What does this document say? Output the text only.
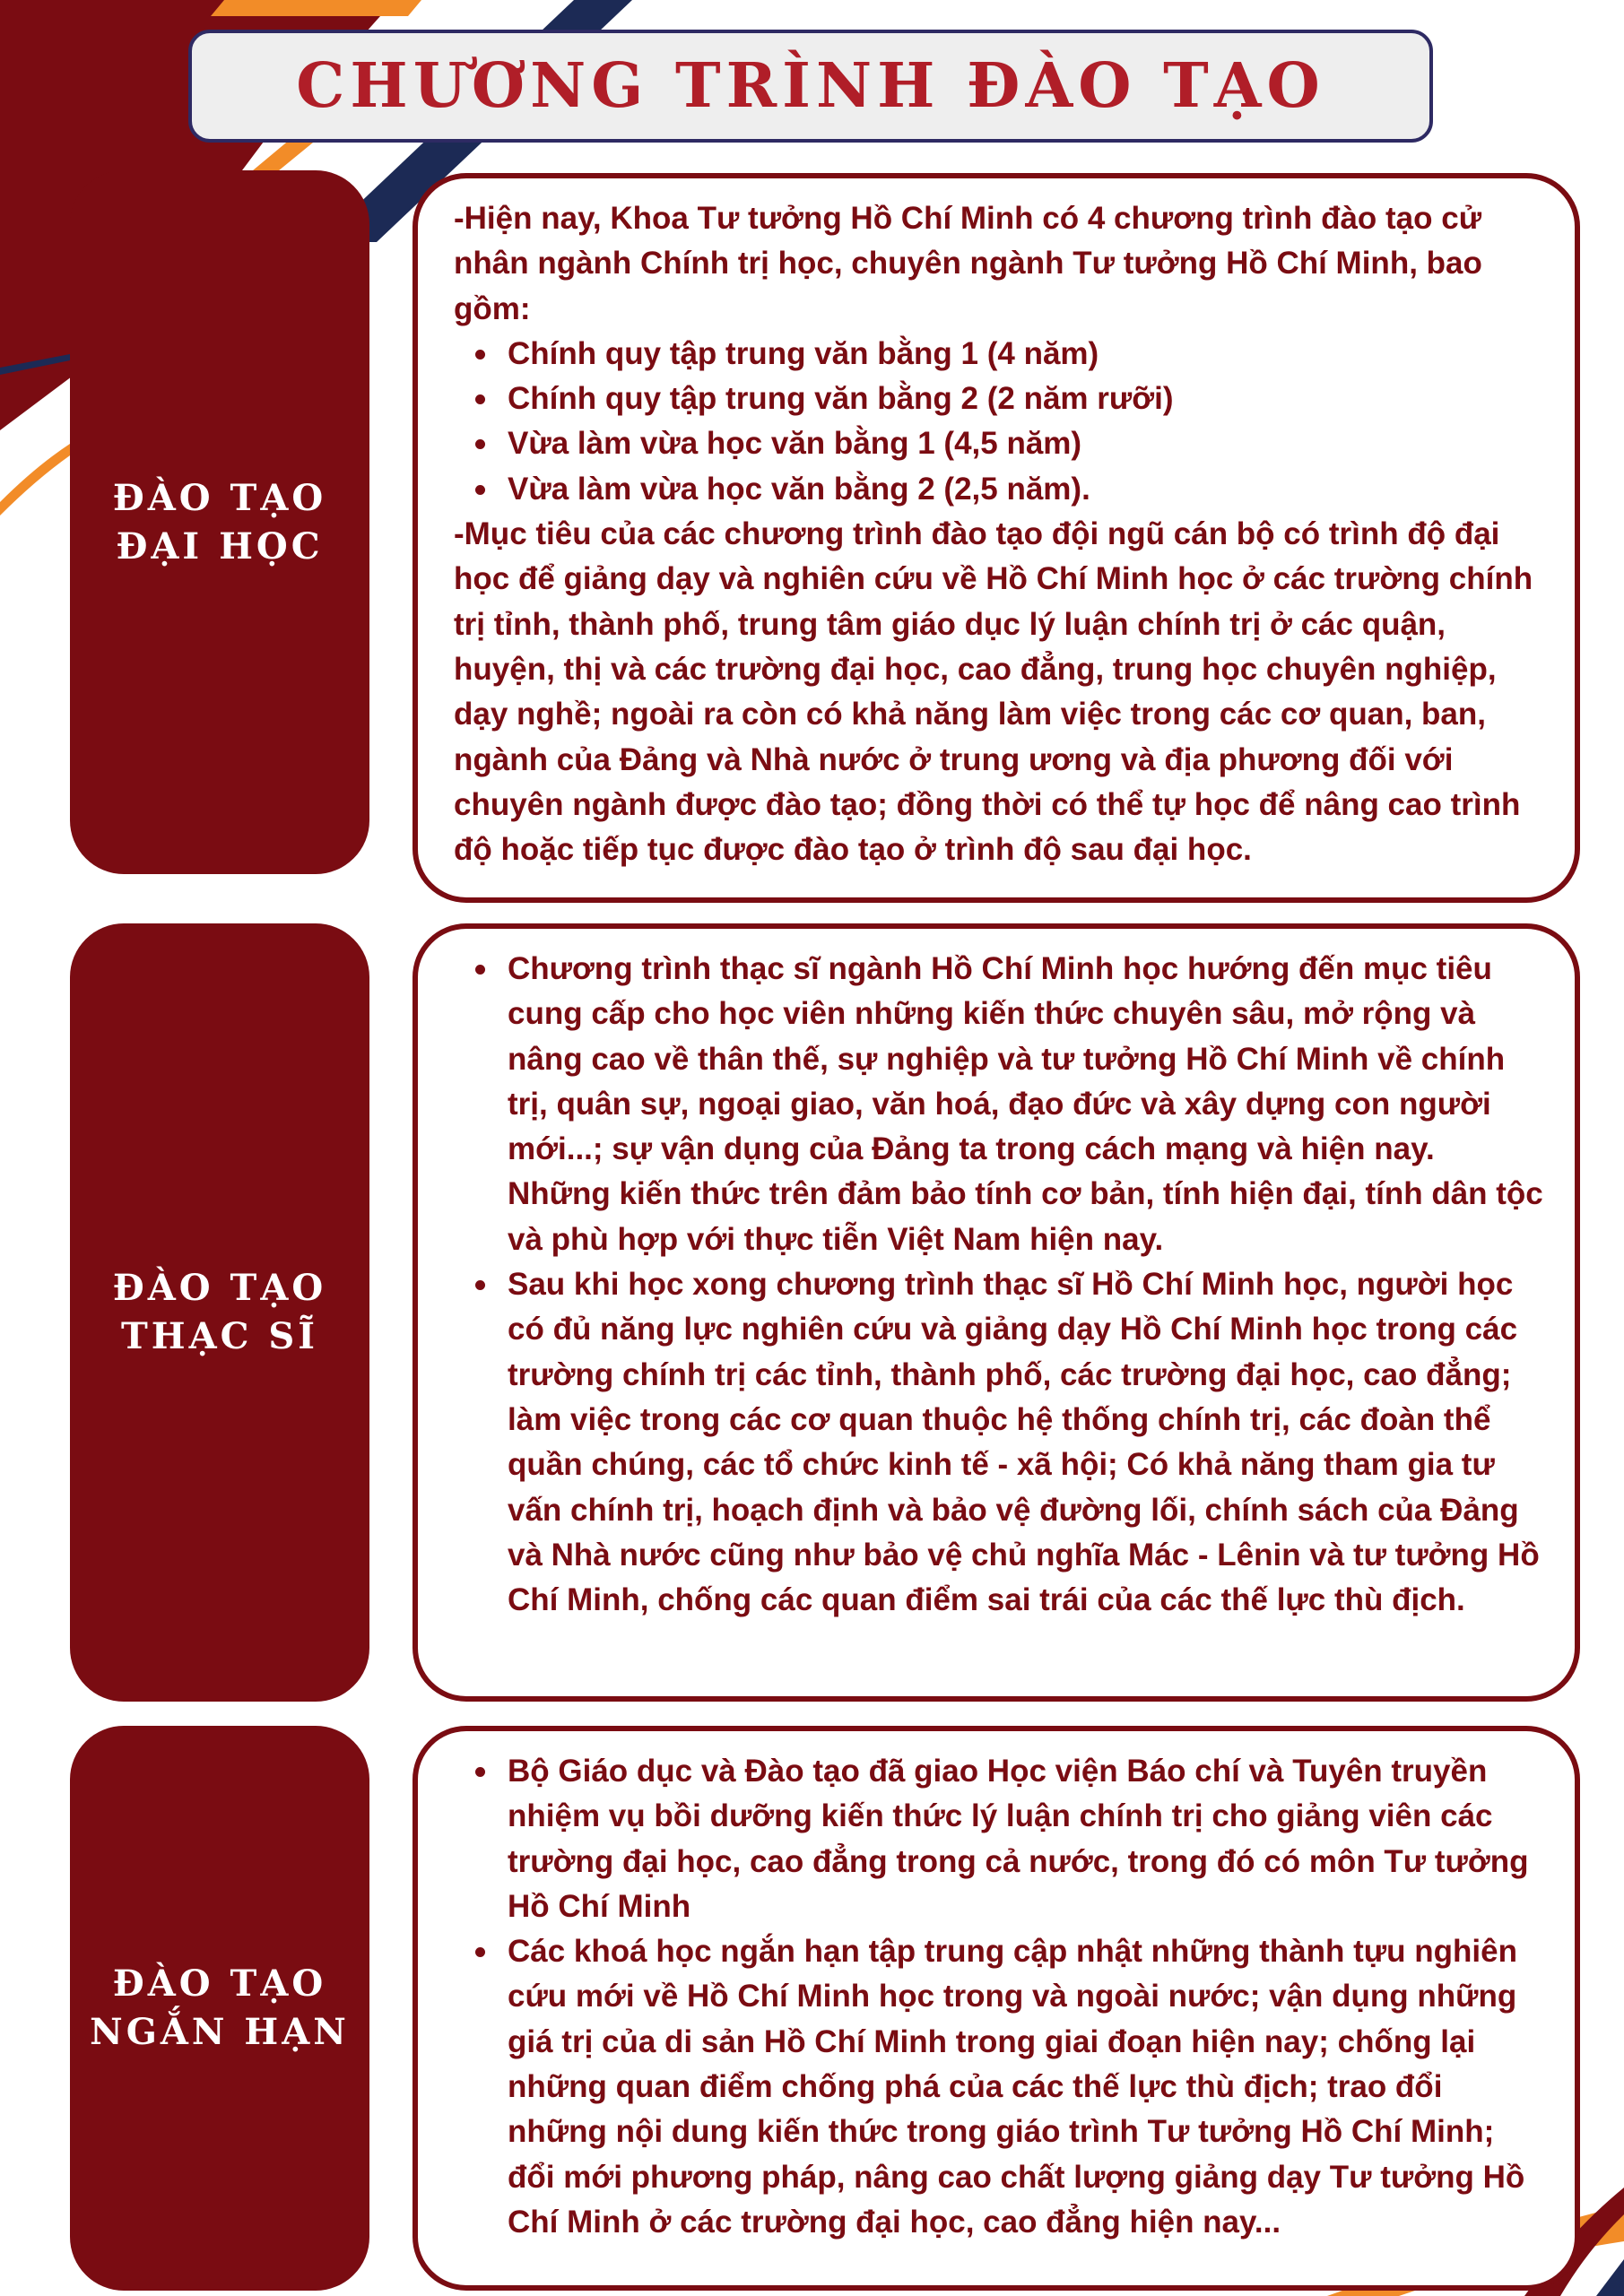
CHƯƠNG TRÌNH ĐÀO TẠO
ĐÀO TẠO
ĐẠI HỌC

-Hiện nay, Khoa Tư tưởng Hồ Chí Minh có 4 chương trình đào tạo cử nhân ngành Chính trị học, chuyên ngành Tư tưởng Hồ Chí Minh, bao gồm:

Chính quy tập trung văn bằng 1 (4 năm)
Chính quy tập trung văn bằng 2 (2 năm rưỡi)
Vừa làm vừa học văn bằng 1 (4,5 năm)
Vừa làm vừa học văn bằng 2 (2,5 năm).

-Mục tiêu của các chương trình đào tạo đội ngũ cán bộ có trình độ đại học để giảng dạy và nghiên cứu về Hồ Chí Minh học ở các trường chính trị tỉnh, thành phố, trung tâm giáo dục lý luận chính trị ở các quận, huyện, thị và các trường đại học, cao đẳng, trung học chuyên nghiệp, dạy nghề; ngoài ra còn có khả năng làm việc trong các cơ quan, ban, ngành của Đảng và Nhà nước ở trung ương và địa phương đối với chuyên ngành được đào tạo; đồng thời có thể tự học để nâng cao trình độ hoặc tiếp tục được đào tạo ở trình độ sau đại học.

ĐÀO TẠO
THẠC SĨ
Chương trình thạc sĩ ngành Hồ Chí Minh học hướng đến mục tiêu cung cấp cho học viên những kiến thức chuyên sâu, mở rộng và nâng cao về thân thế, sự nghiệp và tư tưởng Hồ Chí Minh về chính trị, quân sự, ngoại giao, văn hoá, đạo đức và xây dựng con người mới...; sự vận dụng của Đảng ta trong cách mạng và hiện nay. Những kiến thức trên đảm bảo tính cơ bản, tính hiện đại, tính dân tộc và phù hợp với thực tiễn Việt Nam hiện nay.
Sau khi học xong chương trình thạc sĩ Hồ Chí Minh học, người học có đủ năng lực nghiên cứu và giảng dạy Hồ Chí Minh học trong các trường chính trị các tỉnh, thành phố, các trường đại học, cao đẳng; làm việc trong các cơ quan thuộc hệ thống chính trị, các đoàn thể quần chúng, các tổ chức kinh tế - xã hội; Có khả năng tham gia tư vấn chính trị, hoạch định và bảo vệ đường lối, chính sách của Đảng và Nhà nước cũng như bảo vệ chủ nghĩa Mác - Lênin và tư tưởng Hồ Chí Minh, chống các quan điểm sai trái của các thế lực thù địch.
ĐÀO TẠO
NGẮN HẠN
Bộ Giáo dục và Đào tạo đã giao Học viện Báo chí và Tuyên truyền nhiệm vụ bồi dưỡng kiến thức lý luận chính trị cho giảng viên các trường đại học, cao đẳng trong cả nước, trong đó có môn Tư tưởng Hồ Chí Minh
Các khoá học ngắn hạn tập trung cập nhật những thành tựu nghiên cứu mới về Hồ Chí Minh học trong và ngoài nước; vận dụng những giá trị của di sản Hồ Chí Minh trong giai đoạn hiện nay; chống lại những quan điểm chống phá của các thế lực thù địch; trao đổi những nội dung kiến thức trong giáo trình Tư tưởng Hồ Chí Minh; đổi mới phương pháp, nâng cao chất lượng giảng dạy Tư tưởng Hồ Chí Minh ở các trường đại học, cao đẳng hiện nay...
